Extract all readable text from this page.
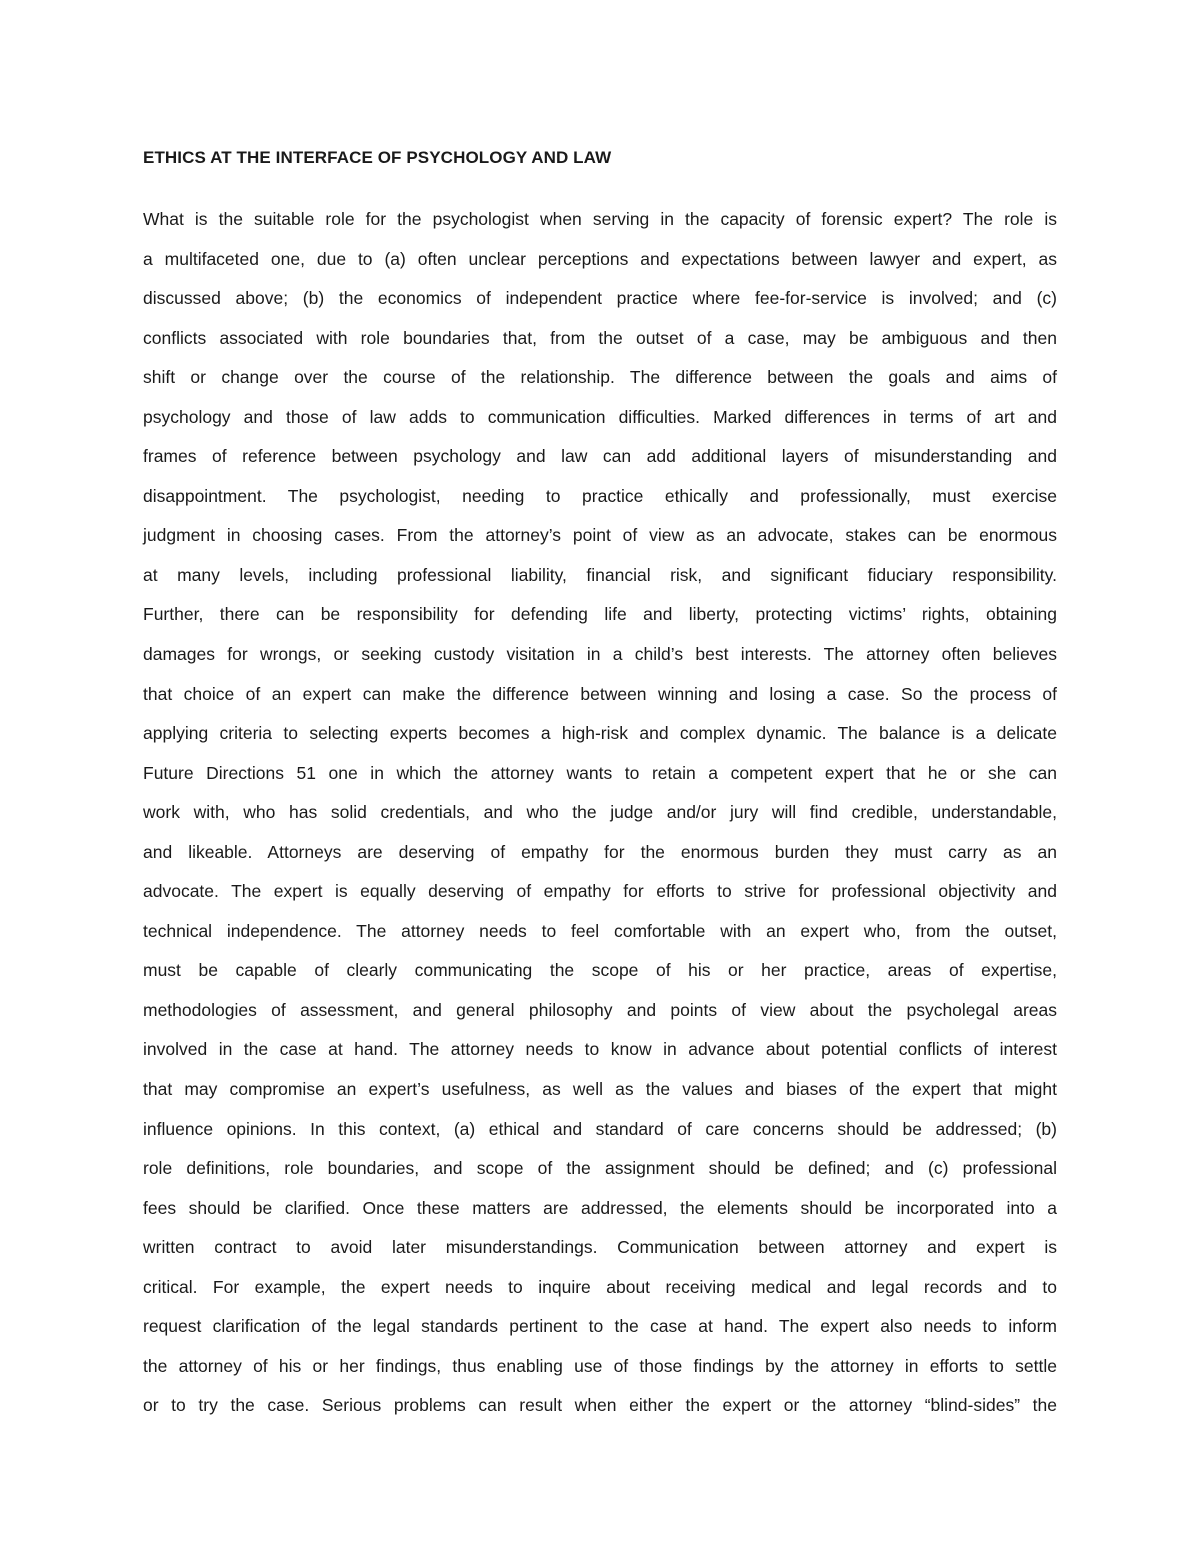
ETHICS AT THE INTERFACE OF PSYCHOLOGY AND LAW
What is the suitable role for the psychologist when serving in the capacity of forensic expert? The role is
a multifaceted one, due to (a) often unclear perceptions and expectations between lawyer and expert, as
discussed above; (b) the economics of independent practice where fee-for-service is involved; and (c)
conflicts associated with role boundaries that, from the outset of a case, may be ambiguous and then
shift or change over the course of the relationship. The difference between the goals and aims of
psychology and those of law adds to communication difficulties. Marked differences in terms of art and
frames of reference between psychology and law can add additional layers of misunderstanding and
disappointment. The psychologist, needing to practice ethically and professionally, must exercise
judgment in choosing cases. From the attorney’s point of view as an advocate, stakes can be enormous
at many levels, including professional liability, financial risk, and significant fiduciary responsibility.
Further, there can be responsibility for defending life and liberty, protecting victims’ rights, obtaining
damages for wrongs, or seeking custody visitation in a child’s best interests. The attorney often believes
that choice of an expert can make the difference between winning and losing a case. So the process of
applying criteria to selecting experts becomes a high-risk and complex dynamic. The balance is a delicate
Future Directions 51 one in which the attorney wants to retain a competent expert that he or she can
work with, who has solid credentials, and who the judge and/or jury will find credible, understandable,
and likeable. Attorneys are deserving of empathy for the enormous burden they must carry as an
advocate. The expert is equally deserving of empathy for efforts to strive for professional objectivity and
technical independence. The attorney needs to feel comfortable with an expert who, from the outset,
must be capable of clearly communicating the scope of his or her practice, areas of expertise,
methodologies of assessment, and general philosophy and points of view about the psycholegal areas
involved in the case at hand. The attorney needs to know in advance about potential conflicts of interest
that may compromise an expert’s usefulness, as well as the values and biases of the expert that might
influence opinions. In this context, (a) ethical and standard of care concerns should be addressed; (b)
role definitions, role boundaries, and scope of the assignment should be defined; and (c) professional
fees should be clarified. Once these matters are addressed, the elements should be incorporated into a
written contract to avoid later misunderstandings. Communication between attorney and expert is
critical. For example, the expert needs to inquire about receiving medical and legal records and to
request clarification of the legal standards pertinent to the case at hand. The expert also needs to inform
the attorney of his or her findings, thus enabling use of those findings by the attorney in efforts to settle
or to try the case. Serious problems can result when either the expert or the attorney “blind-sides” the
